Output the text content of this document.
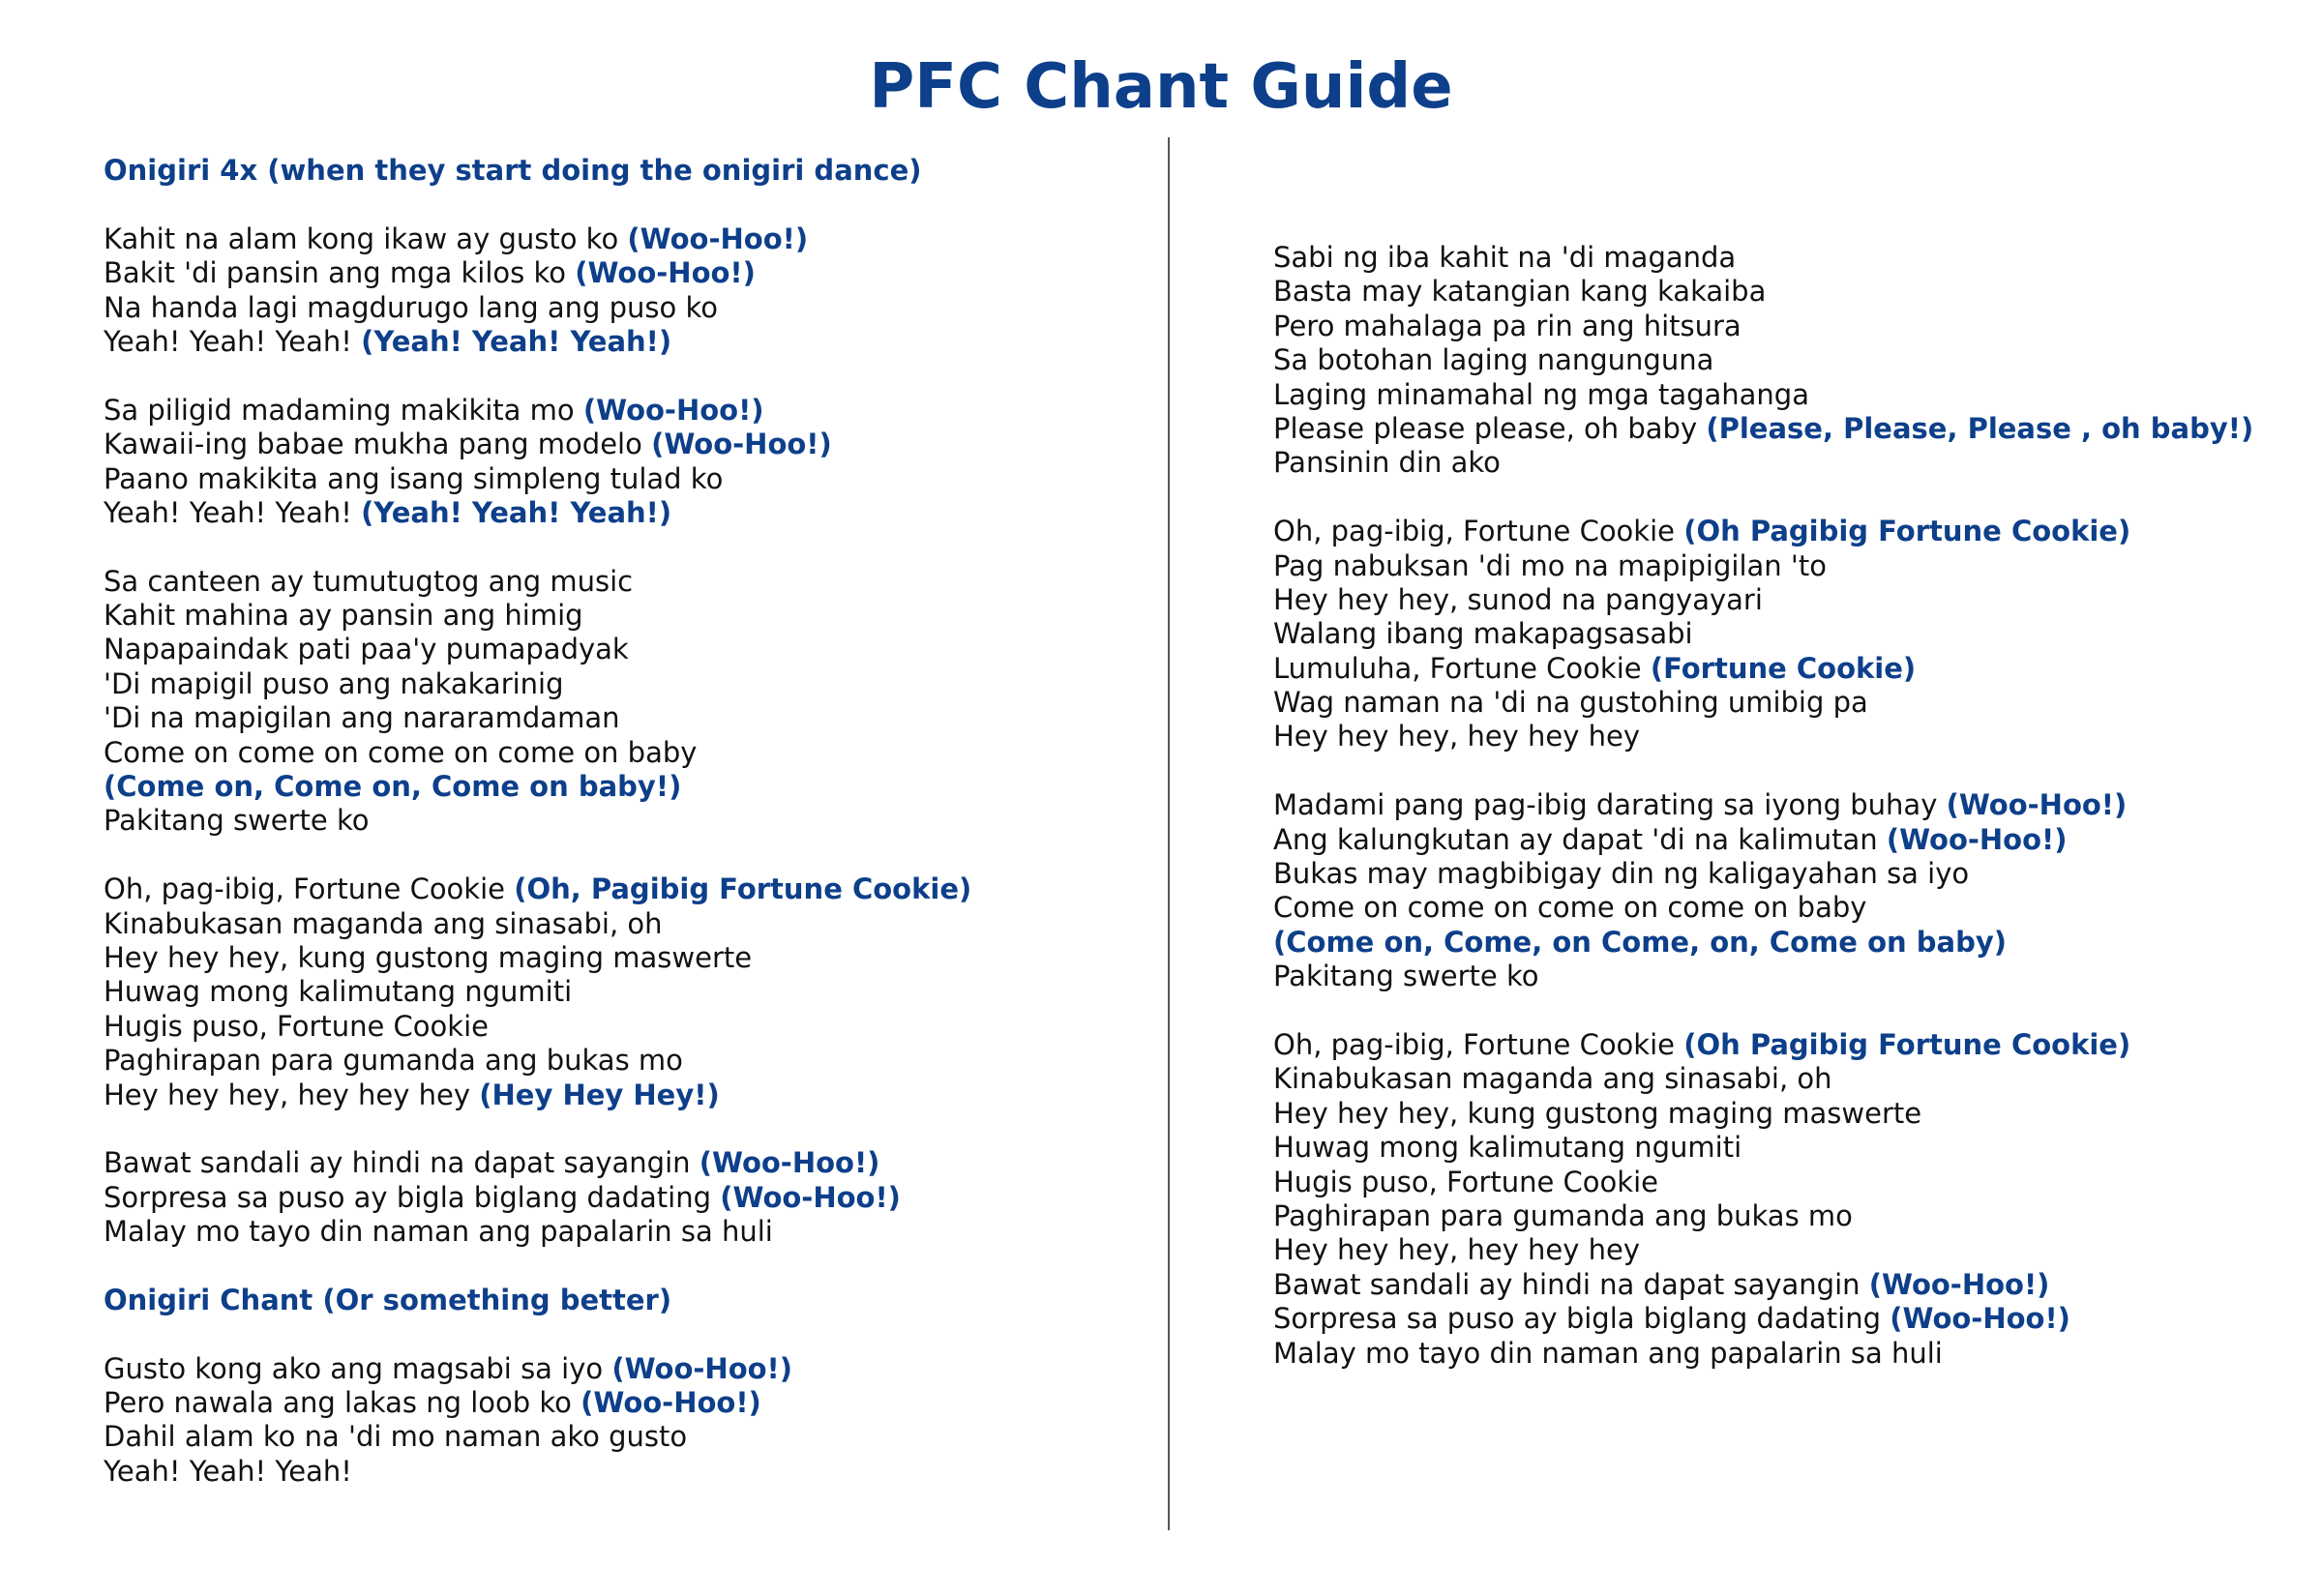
PFC Chant Guide
Onigiri 4x (when they start doing the onigiri dance)
Kahit na alam kong ikaw ay gusto ko (Woo-Hoo!)
Bakit 'di pansin ang mga kilos ko (Woo-Hoo!)
Na handa lagi magdurugo lang ang puso ko
Yeah! Yeah! Yeah! (Yeah! Yeah! Yeah!)
Sa piligid madaming makikita mo (Woo-Hoo!)
Kawaii-ing babae mukha pang modelo (Woo-Hoo!)
Paano makikita ang isang simpleng tulad ko
Yeah! Yeah! Yeah! (Yeah! Yeah! Yeah!)
Sa canteen ay tumutugtog ang music
Kahit mahina ay pansin ang himig
Napapaindak pati paa'y pumapadyak
'Di mapigil puso ang nakakarinig
'Di na mapigilan ang nararamdaman
Come on come on come on come on baby
(Come on, Come on, Come on baby!)
Pakitang swerte ko
Oh, pag-ibig, Fortune Cookie (Oh, Pagibig Fortune Cookie)
Kinabukasan maganda ang sinasabi, oh
Hey hey hey, kung gustong maging maswerte
Huwag mong kalimutang ngumiti
Hugis puso, Fortune Cookie
Paghirapan para gumanda ang bukas mo
Hey hey hey, hey hey hey (Hey Hey Hey!)
Bawat sandali ay hindi na dapat sayangin (Woo-Hoo!)
Sorpresa sa puso ay bigla biglang dadating (Woo-Hoo!)
Malay mo tayo din naman ang papalarin sa huli
Onigiri Chant (Or something better)
Gusto kong ako ang magsabi sa iyo (Woo-Hoo!)
Pero nawala ang lakas ng loob ko (Woo-Hoo!)
Dahil alam ko na 'di mo naman ako gusto
Yeah! Yeah! Yeah!
Sabi ng iba kahit na 'di maganda
Basta may katangian kang kakaiba
Pero mahalaga pa rin ang hitsura
Sa botohan laging nangunguna
Laging minamahal ng mga tagahanga
Please please please, oh baby (Please, Please, Please , oh baby!)
Pansinin din ako
Oh, pag-ibig, Fortune Cookie (Oh Pagibig Fortune Cookie)
Pag nabuksan 'di mo na mapipigilan 'to
Hey hey hey, sunod na pangyayari
Walang ibang makapagsasabi
Lumuluha, Fortune Cookie (Fortune Cookie)
Wag naman na 'di na gustohing umibig pa
Hey hey hey, hey hey hey
Madami pang pag-ibig darating sa iyong buhay (Woo-Hoo!)
Ang kalungkutan ay dapat 'di na kalimutan (Woo-Hoo!)
Bukas may magbibigay din ng kaligayahan sa iyo
Come on come on come on come on baby
(Come on, Come, on Come, on, Come on baby)
Pakitang swerte ko
Oh, pag-ibig, Fortune Cookie (Oh Pagibig Fortune Cookie)
Kinabukasan maganda ang sinasabi, oh
Hey hey hey, kung gustong maging maswerte
Huwag mong kalimutang ngumiti
Hugis puso, Fortune Cookie
Paghirapan para gumanda ang bukas mo
Hey hey hey, hey hey hey
Bawat sandali ay hindi na dapat sayangin (Woo-Hoo!)
Sorpresa sa puso ay bigla biglang dadating (Woo-Hoo!)
Malay mo tayo din naman ang papalarin sa huli
